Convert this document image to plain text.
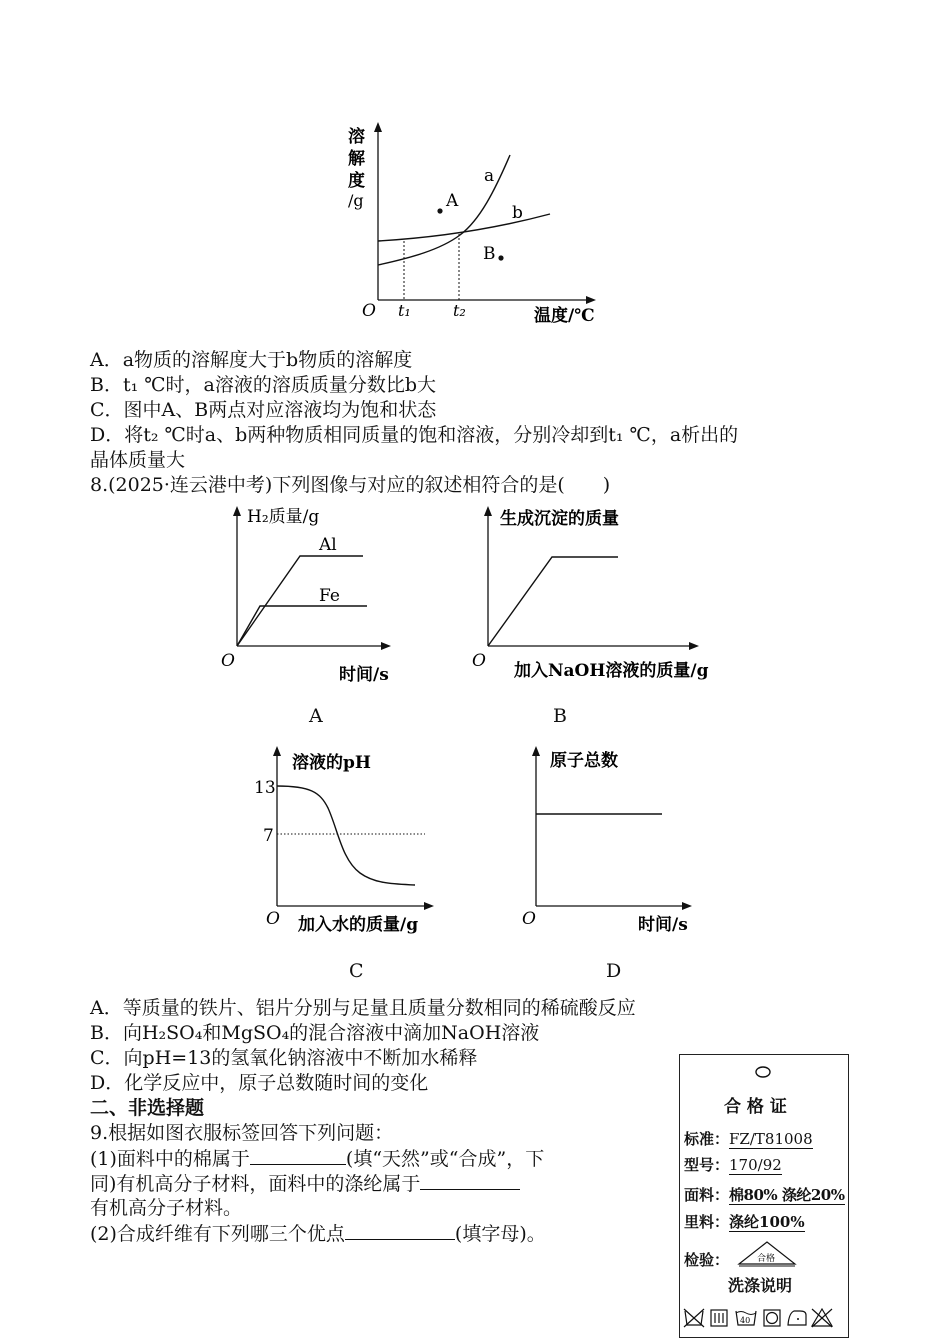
溶
解
度
/g
O t₁	t₂	温度/℃
a
b
A
B
A．a物质的溶解度大于b物质的溶解度
B．t₁ ℃时，a溶液的溶质质量分数比b大
C．图中A、B两点对应溶液均为饱和状态
D．将t₂ ℃时a、b两种物质相同质量的饱和溶液，分别冷却到t₁ ℃，a析出的
晶体质量大
8.(2025·连云港中考)下列图像与对应的叙述相符合的是(　　)
H₂质量/g
O
时间/s
Al
Fe
A
生成沉淀的质量
O 加入NaOH溶液的质量/g
B
溶液的pH
13
7
O 加入水的质量/g
C
原子总数
O	时间/s
D
A．等质量的铁片、铝片分别与足量且质量分数相同的稀硫酸反应
B．向H₂SO₄和MgSO₄的混合溶液中滴加NaOH溶液
C．向pH=13的氢氧化钠溶液中不断加水稀释
D．化学反应中，原子总数随时间的变化
二、非选择题
9.根据如图衣服标签回答下列问题：
(1)面料中的棉属于	(填“天然”或“合成”，下
同)有机高分子材料，面料中的涤纶属于
有机高分子材料。
(2)合成纤维有下列哪三个优点	(填字母)。
合 格 证
标准：FZ/T81008
型号：170/92
面料：棉80% 涤纶20%
里料：涤纶100%
检验：	合格
洗涤说明
40
